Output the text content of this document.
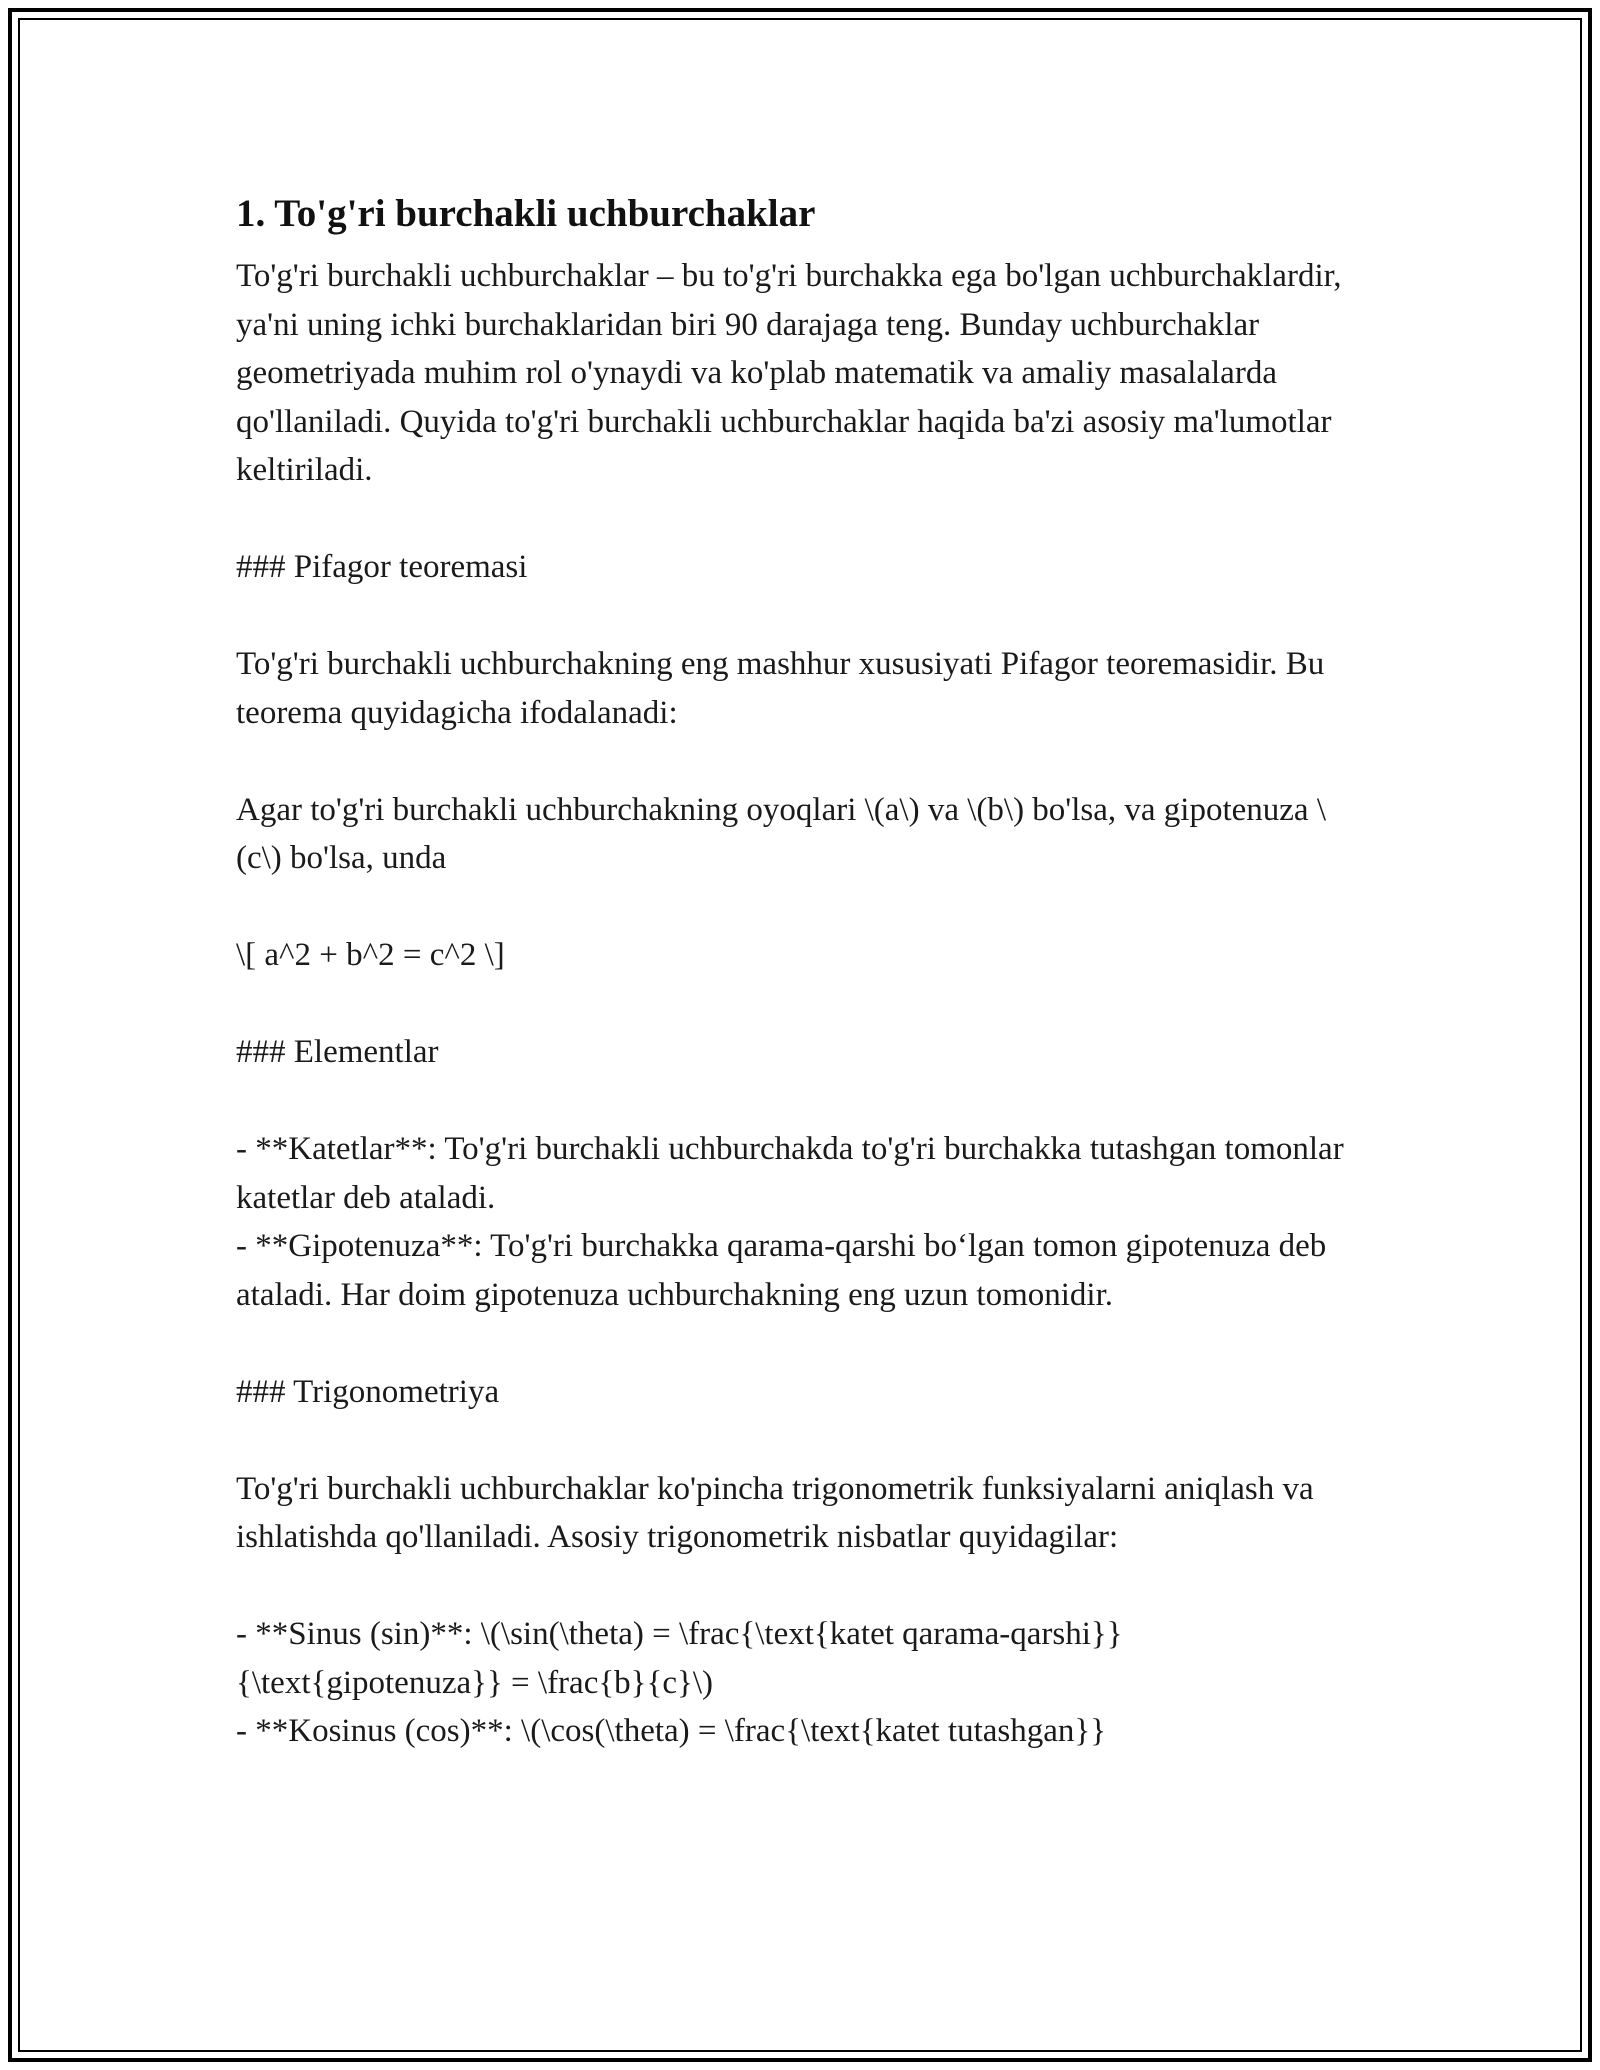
1. To'g'ri burchakli uchburchaklar

To'g'ri burchakli uchburchaklar – bu to'g'ri burchakka ega bo'lgan uchburchaklardir, ya'ni uning ichki burchaklaridan biri 90 darajaga teng. Bunday uchburchaklar geometriyada muhim rol o'ynaydi va ko'plab matematik va amaliy masalalarda qo'llaniladi. Quyida to'g'ri burchakli uchburchaklar haqida ba'zi asosiy ma'lumotlar keltiriladi.

### Pifagor teoremasi

To'g'ri burchakli uchburchakning eng mashhur xususiyati Pifagor teoremasidir. Bu teorema quyidagicha ifodalanadi:

Agar to'g'ri burchakli uchburchakning oyoqlari \(a\) va \(b\) bo'lsa, va gipotenuza \(c\) bo'lsa, unda

\[ a^2 + b^2 = c^2 \]

### Elementlar

- **Katetlar**: To'g'ri burchakli uchburchakda to'g'ri burchakka tutashgan tomonlar katetlar deb ataladi.
- **Gipotenuza**: To'g'ri burchakka qarama-qarshi bo‘lgan tomon gipotenuza deb ataladi. Har doim gipotenuza uchburchakning eng uzun tomonidir.

### Trigonometriya

To'g'ri burchakli uchburchaklar ko'pincha trigonometrik funksiyalarni aniqlash va ishlatishda qo'llaniladi. Asosiy trigonometrik nisbatlar quyidagilar:

- **Sinus (sin)**: \(\sin(\theta) = \frac{\text{katet qarama-qarshi}}{\text{gipotenuza}} = \frac{b}{c}\)
- **Kosinus (cos)**: \(\cos(\theta) = \frac{\text{katet tutashgan}}
